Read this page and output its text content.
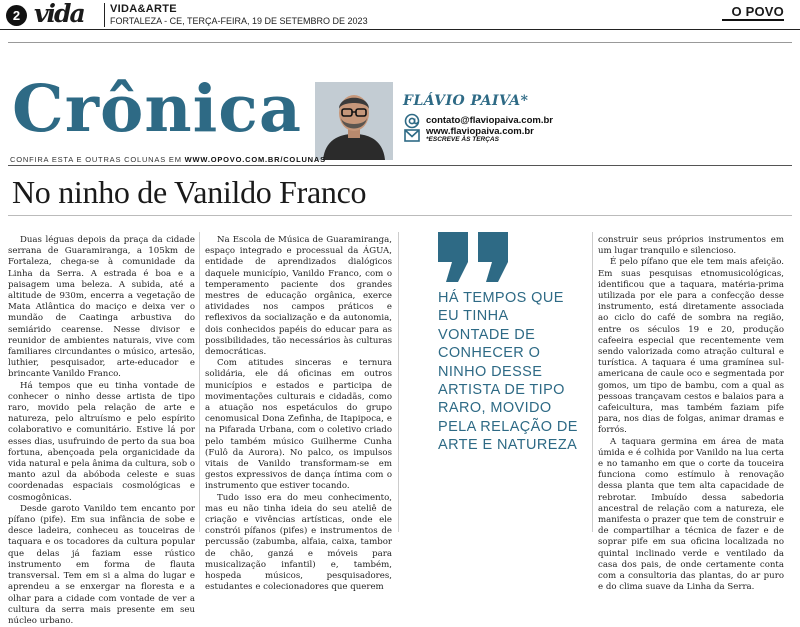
2 vida	VIDA&ARTE
FORTALEZA - CE, TERÇA-FEIRA, 19 DE SETEMBRO DE 2023
O POVO
Crônica	FLÁVIO PAIVA*
contato@flaviopaiva.com.br
www.flaviopaiva.com.br
*ESCREVE ÀS TERÇAS
CONFIRA ESTA E OUTRAS COLUNAS EM WWW.OPOVO.COM.BR/COLUNAS
No ninho de Vanildo Franco

Duas léguas depois da praça da cidade serrana de Guaramiranga, a 105km de Fortaleza, chega-se à comunidade da Linha da Serra. A estrada é boa e a paisagem uma beleza. A subida, até a altitude de 930m, encerra a vegetação de Mata Atlântica do maciço e deixa ver o mundão de Caatinga arbustiva do semiárido cearense. Nesse divisor e reunidor de ambientes naturais, vive com familiares circundantes o músico, artesão, luthier, pesquisador, arte-educador e brincante Vanildo Franco.

Há tempos que eu tinha vontade de conhecer o ninho desse artista de tipo raro, movido pela relação de arte e natureza, pelo altruísmo e pelo espírito colaborativo e comunitário. Estive lá por esses dias, usufruindo de perto da sua boa fortuna, abençoada pela organicidade da vida natural e pela ânima da cultura, sob o manto azul da abóboda celeste e suas coordenadas espaciais cosmológicas e cosmogônicas.

Desde garoto Vanildo tem encanto por pífano (pife). Em sua infância de sobe e desce ladeira, conheceu as touceiras de taquara e os tocadores da cultura popular que delas já faziam esse rústico instrumento em forma de flauta transversal. Tem em si a alma do lugar e aprendeu a se enxergar na floresta e a olhar para a cidade com vontade de ver a cultura da serra mais presente em seu núcleo urbano.

Na Escola de Música de Guaramiranga, espaço integrado e processual da ÁGUA, entidade de aprendizados dialógicos daquele município, Vanildo Franco, com o temperamento paciente dos grandes mestres de educação orgânica, exerce atividades nos campos práticos e reflexivos da socialização e da autonomia, dois conhecidos papéis do educar para as possibilidades, tão necessários às culturas democráticas.

Com atitudes sinceras e ternura solidária, ele dá oficinas em outros municípios e estados e participa de movimentações culturais e cidadãs, como a atuação nos espetáculos do grupo cenomusical Dona Zefinha, de Itapipoca, e na Pifarada Urbana, com o coletivo criado pelo também músico Guilherme Cunha (Fulô da Aurora). No palco, os impulsos vitais de Vanildo transformam-se em gestos expressivos de dança íntima com o instrumento que estiver tocando.

Tudo isso era do meu conhecimento, mas eu não tinha ideia do seu ateliê de criação e vivências artísticas, onde ele constrói pífanos (pifes) e instrumentos de percussão (zabumba, alfaia, caixa, tambor de chão, ganzá e móveis para musicalização infantil) e, também, hospeda músicos, pesquisadores, estudantes e colecionadores que querem

HÁ TEMPOS QUE EU TINHA VONTADE DE CONHECER O NINHO DESSE ARTISTA DE TIPO RARO, MOVIDO PELA RELAÇÃO DE ARTE E NATUREZA

construir seus próprios instrumentos em um lugar tranquilo e silencioso.

É pelo pífano que ele tem mais afeição. Em suas pesquisas etnomusicológicas, identificou que a taquara, matéria-prima utilizada por ele para a confecção desse instrumento, está diretamente associada ao ciclo do café de sombra na região, entre os séculos 19 e 20, produção cafeeira especial que recentemente vem sendo valorizada como atração cultural e turística. A taquara é uma gramínea sul-americana de caule oco e segmentada por gomos, um tipo de bambu, com a qual as pessoas trançavam cestos e balaios para a cafeicultura, mas também faziam pife para, nos dias de folgas, animar dramas e forrós.

A taquara germina em área de mata úmida e é colhida por Vanildo na lua certa e no tamanho em que o corte da touceira funciona como estímulo à renovação dessa planta que tem alta capacidade de rebrotar. Imbuído dessa sabedoria ancestral de relação com a natureza, ele manifesta o prazer que tem de construir e de compartilhar a técnica de fazer e de soprar pife em sua oficina localizada no quintal inclinado verde e ventilado da casa dos pais, de onde certamente conta com a consultoria das plantas, do ar puro e do clima suave da Linha da Serra.
